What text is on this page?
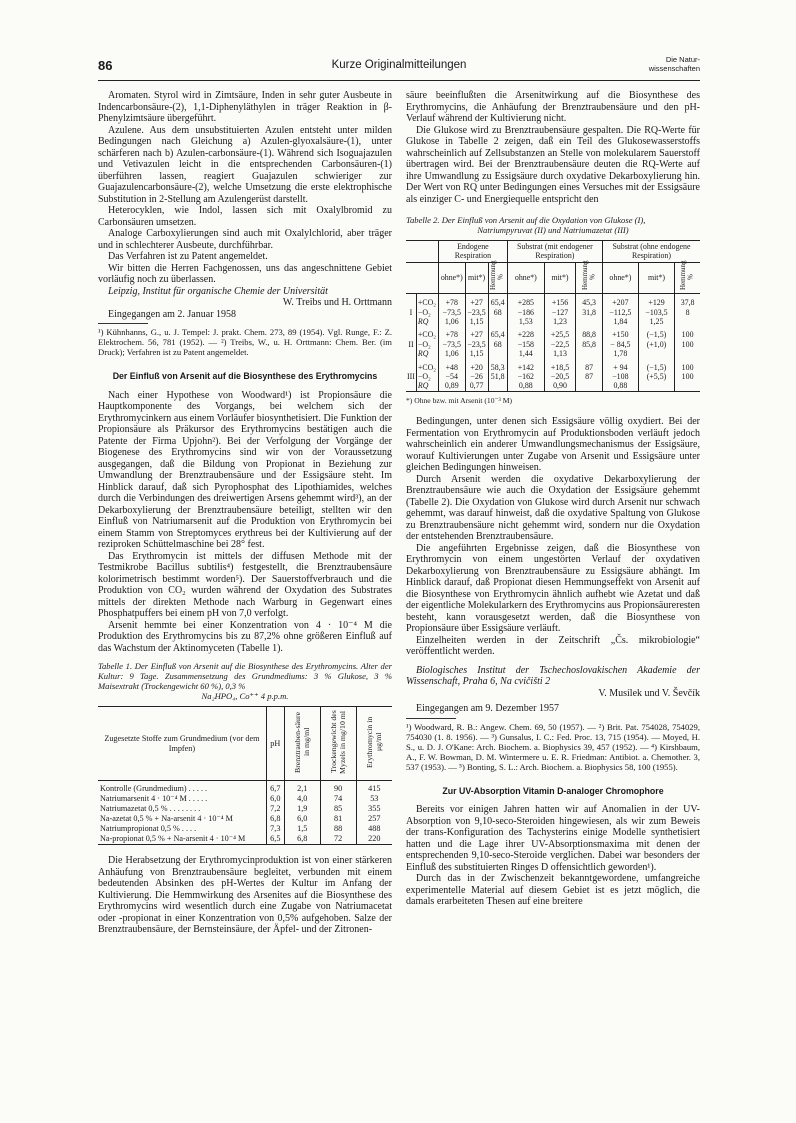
86	Kurze Originalmitteilungen	Die Natur-
wissenschaften

Aromaten. Styrol wird in Zimtsäure, Inden in sehr guter Ausbeute in Indencarbonsäure-(2), 1,1-Diphenyläthylen in träger Reaktion in β-Phenylzimtsäure übergeführt.

Azulene. Aus dem unsubstituierten Azulen entsteht unter milden Bedingungen nach Gleichung a) Azulen-glyoxalsäure-(1), unter schärferen nach b) Azulen-carbonsäure-(1). Während sich Isoguajazulen und Vetivazulen leicht in die entsprechenden Carbonsäuren-(1) überführen lassen, reagiert Guajazulen schwieriger zur Guajazulencarbonsäure-(2), welche Umsetzung die erste elektrophische Substitution in 2-Stellung am Azulengerüst darstellt.

Heterocyklen, wie Indol, lassen sich mit Oxalylbromid zu Carbonsäuren umsetzen.

Analoge Carboxylierungen sind auch mit Oxalylchlorid, aber träger und in schlechterer Ausbeute, durchführbar.

Das Verfahren ist zu Patent angemeldet.

Wir bitten die Herren Fachgenossen, uns das angeschnittene Gebiet vorläufig noch zu überlassen.

Leipzig, Institut für organische Chemie der Universität

W. Treibs und H. Orttmann

Eingegangen am 2. Januar 1958

¹) Kühnhanns, G., u. J. Tempel: J. prakt. Chem. 273, 89 (1954). Vgl. Runge, F.: Z. Elektrochem. 56, 781 (1952). — ²) Treibs, W., u. H. Orttmann: Chem. Ber. (im Druck); Verfahren ist zu Patent angemeldet.

Der Einfluß von Arsenit auf die Biosynthese des Erythromycins

Nach einer Hypothese von Woodward¹) ist Propionsäure die Hauptkomponente des Vorgangs, bei welchem sich der Erythromycinkern aus einem Vorläufer biosynthetisiert. Die Funktion der Propionsäure als Präkursor des Erythromycins bestätigen auch die Patente der Firma Upjohn²). Bei der Verfolgung der Vorgänge der Biogenese des Erythromycins sind wir von der Voraussetzung ausgegangen, daß die Bildung von Propionat in Beziehung zur Umwandlung der Brenztraubensäure und der Essigsäure steht. Im Hinblick darauf, daß sich Pyrophosphat des Lipothiamides, welches durch die Verbindungen des dreiwertigen Arsens gehemmt wird³), an der Dekarboxylierung der Brenztraubensäure beteiligt, stellten wir den Einfluß von Natriumarsenit auf die Produktion von Erythromycin bei einem Stamm von Streptomyces erythreus bei der Kultivierung auf der reziproken Schüttelmaschine bei 28° fest.

Das Erythromycin ist mittels der diffusen Methode mit der Testmikrobe Bacillus subtilis⁴) festgestellt, die Brenztraubensäure kolorimetrisch bestimmt worden⁵). Der Sauerstoffverbrauch und die Produktion von CO₂ wurden während der Oxydation des Substrates mittels der direkten Methode nach Warburg in Gegenwart eines Phosphatpuffers bei einem pH von 7,0 verfolgt.

Arsenit hemmte bei einer Konzentration von 4 · 10⁻⁴ M die Produktion des Erythromycins bis zu 87,2% ohne größeren Einfluß auf das Wachstum der Aktinomyceten (Tabelle 1).

Tabelle 1. Der Einfluß von Arsenit auf die Biosynthese des Erythromycins. Alter der Kultur: 9 Tage. Zusammensetzung des Grundmediums: 3 % Glukose, 3 % Maisextrakt (Trockengewicht 60 %), 0,3 %
Na₂HPO₄, Co⁺⁺ 4 p.p.m.

Zugesetzte Stoffe zum Grundmedium (vor dem Impfen)	pH	Brenztrauben-säure in mg/ml	Trockengewicht des Myzels in mg/10 ml	Erythromycin in μg/ml
Kontrolle (Grundmedium) . . . . .	6,7	2,1	90	415
Natriumarsenit 4 · 10⁻⁴ M . . . . .	6,0	4,0	74	53
Natriumazetat 0,5 % . . . . . . . .	7,2	1,9	85	355
Na-azetat 0,5 % + Na-arsenit 4 · 10⁻⁴ M	6,8	6,0	81	257
Natriumpropionat 0,5 % . . . .	7,3	1,5	88	488
Na-propionat 0,5 % + Na-arsenit 4 · 10⁻⁴ M	6,5	6,8	72	220

Die Herabsetzung der Erythromycinproduktion ist von einer stärkeren Anhäufung von Brenztraubensäure begleitet, verbunden mit einem bedeutenden Absinken des pH-Wertes der Kultur im Anfang der Kultivierung. Die Hemmwirkung des Arsenites auf die Biosynthese des Erythromycins wird wesentlich durch eine Zugabe von Natriumacetat oder -propionat in einer Konzentration von 0,5% aufgehoben. Salze der Brenztraubensäure, der Bernsteinsäure, der Äpfel- und der Zitronen-

säure beeinflußten die Arsenitwirkung auf die Biosynthese des Erythromycins, die Anhäufung der Brenztraubensäure und den pH-Verlauf während der Kultivierung nicht.

Die Glukose wird zu Brenztraubensäure gespalten. Die RQ-Werte für Glukose in Tabelle 2 zeigen, daß ein Teil des Glukosewasserstoffs wahrscheinlich auf Zellsubstanzen an Stelle von molekularem Sauerstoff übertragen wird. Bei der Brenztraubensäure deuten die RQ-Werte auf ihre Umwandlung zu Essigsäure durch oxydative Dekarboxylierung hin. Der Wert von RQ unter Bedingungen eines Versuches mit der Essigsäure als einziger C- und Energiequelle entspricht den

Tabelle 2. Der Einfluß von Arsenit auf die Oxydation von Glukose (I),
Natriumpyruvat (II) und Natriumazetat (III)

		Endogene Respiration			Substrat (mit endogener Respiration)			Substrat (ohne endogene Respiration)		
		ohne*)	mit*)	Hemmung %	ohne*)	mit*)	Hemmung %	ohne*)	mit*)	Hemmung %
I	+CO₂	+78	+27	65,4	+285	+156	45,3	+207	+129	37,8
	−O₂	−73,5	−23,5	68	−186	−127	31,8	−112,5	−103,5	8
	RQ	1,06	1,15		1,53	1,23		1,84	1,25	
II	+CO₂	+78	+27	65,4	+228	+25,5	88,8	+150	(−1,5)	100
	−O₂	−73,5	−23,5	68	−158	−22,5	85,8	− 84,5	(+1,0)	100
	RQ	1,06	1,15		1,44	1,13		1,78		
III	+CO₂	+48	+20	58,3	+142	+18,5	87	+ 94	(−1,5)	100
	−O₂	−54	−26	51,8	−162	−20,5	87	−108	(+5,5)	100
	RQ	0,89	0,77		0,88	0,90		0,88		

*) Ohne bzw. mit Arsenit (10⁻³ M)

Bedingungen, unter denen sich Essigsäure völlig oxydiert. Bei der Fermentation von Erythromycin auf Produktionsboden verläuft jedoch wahrscheinlich ein anderer Umwandlungsmechanismus der Essigsäure, worauf Kultivierungen unter Zugabe von Arsenit und Essigsäure unter gleichen Bedingungen hinweisen.

Durch Arsenit werden die oxydative Dekarboxylierung der Brenztraubensäure wie auch die Oxydation der Essigsäure gehemmt (Tabelle 2). Die Oxydation von Glukose wird durch Arsenit nur schwach gehemmt, was darauf hinweist, daß die oxydative Spaltung von Glukose zu Brenztraubensäure nicht gehemmt wird, sondern nur die Oxydation der entstehenden Brenztraubensäure.

Die angeführten Ergebnisse zeigen, daß die Biosynthese von Erythromycin von einem ungestörten Verlauf der oxydativen Dekarboxylierung von Brenztraubensäure zu Essigsäure abhängt. Im Hinblick darauf, daß Propionat diesen Hemmungseffekt von Arsenit auf die Biosynthese von Erythromycin ähnlich aufhebt wie Azetat und daß der eigentliche Molekularkern des Erythromycins aus Propionsäureresten besteht, kann vorausgesetzt werden, daß die Biosynthese von Propionsäure über Essigsäure verläuft.

Einzelheiten werden in der Zeitschrift „Čs. mikrobiologie“ veröffentlicht werden.

Biologisches Institut der Tschechoslovakischen Akademie der Wissenschaft, Praha 6, Na cvičišti 2

V. Musílek und V. Ševčík

Eingegangen am 9. Dezember 1957

¹) Woodward, R. B.: Angew. Chem. 69, 50 (1957). — ²) Brit. Pat. 754028, 754029, 754030 (1. 8. 1956). — ³) Gunsalus, I. C.: Fed. Proc. 13, 715 (1954). — Moyed, H. S., u. D. J. O'Kane: Arch. Biochem. a. Biophysics 39, 457 (1952). — ⁴) Kirshbaum, A., F. W. Bowman, D. M. Wintermere u. E. R. Friedman: Antibiot. a. Chemother. 3, 537 (1953). — ⁵) Bonting, S. L.: Arch. Biochem. a. Biophysics 58, 100 (1955).

Zur UV-Absorption Vitamin D-analoger Chromophore

Bereits vor einigen Jahren hatten wir auf Anomalien in der UV-Absorption von 9,10-seco-Steroiden hingewiesen, als wir zum Beweis der trans-Konfiguration des Tachysterins einige Modelle synthetisiert hatten und die Lage ihrer UV-Absorptionsmaxima mit denen der entsprechenden 9,10-seco-Steroide verglichen. Dabei war besonders der Einfluß des substituierten Ringes D offensichtlich geworden¹).

Durch das in der Zwischenzeit bekanntgewordene, umfangreiche experimentelle Material auf diesem Gebiet ist es jetzt möglich, die damals erarbeiteten Thesen auf eine breitere
